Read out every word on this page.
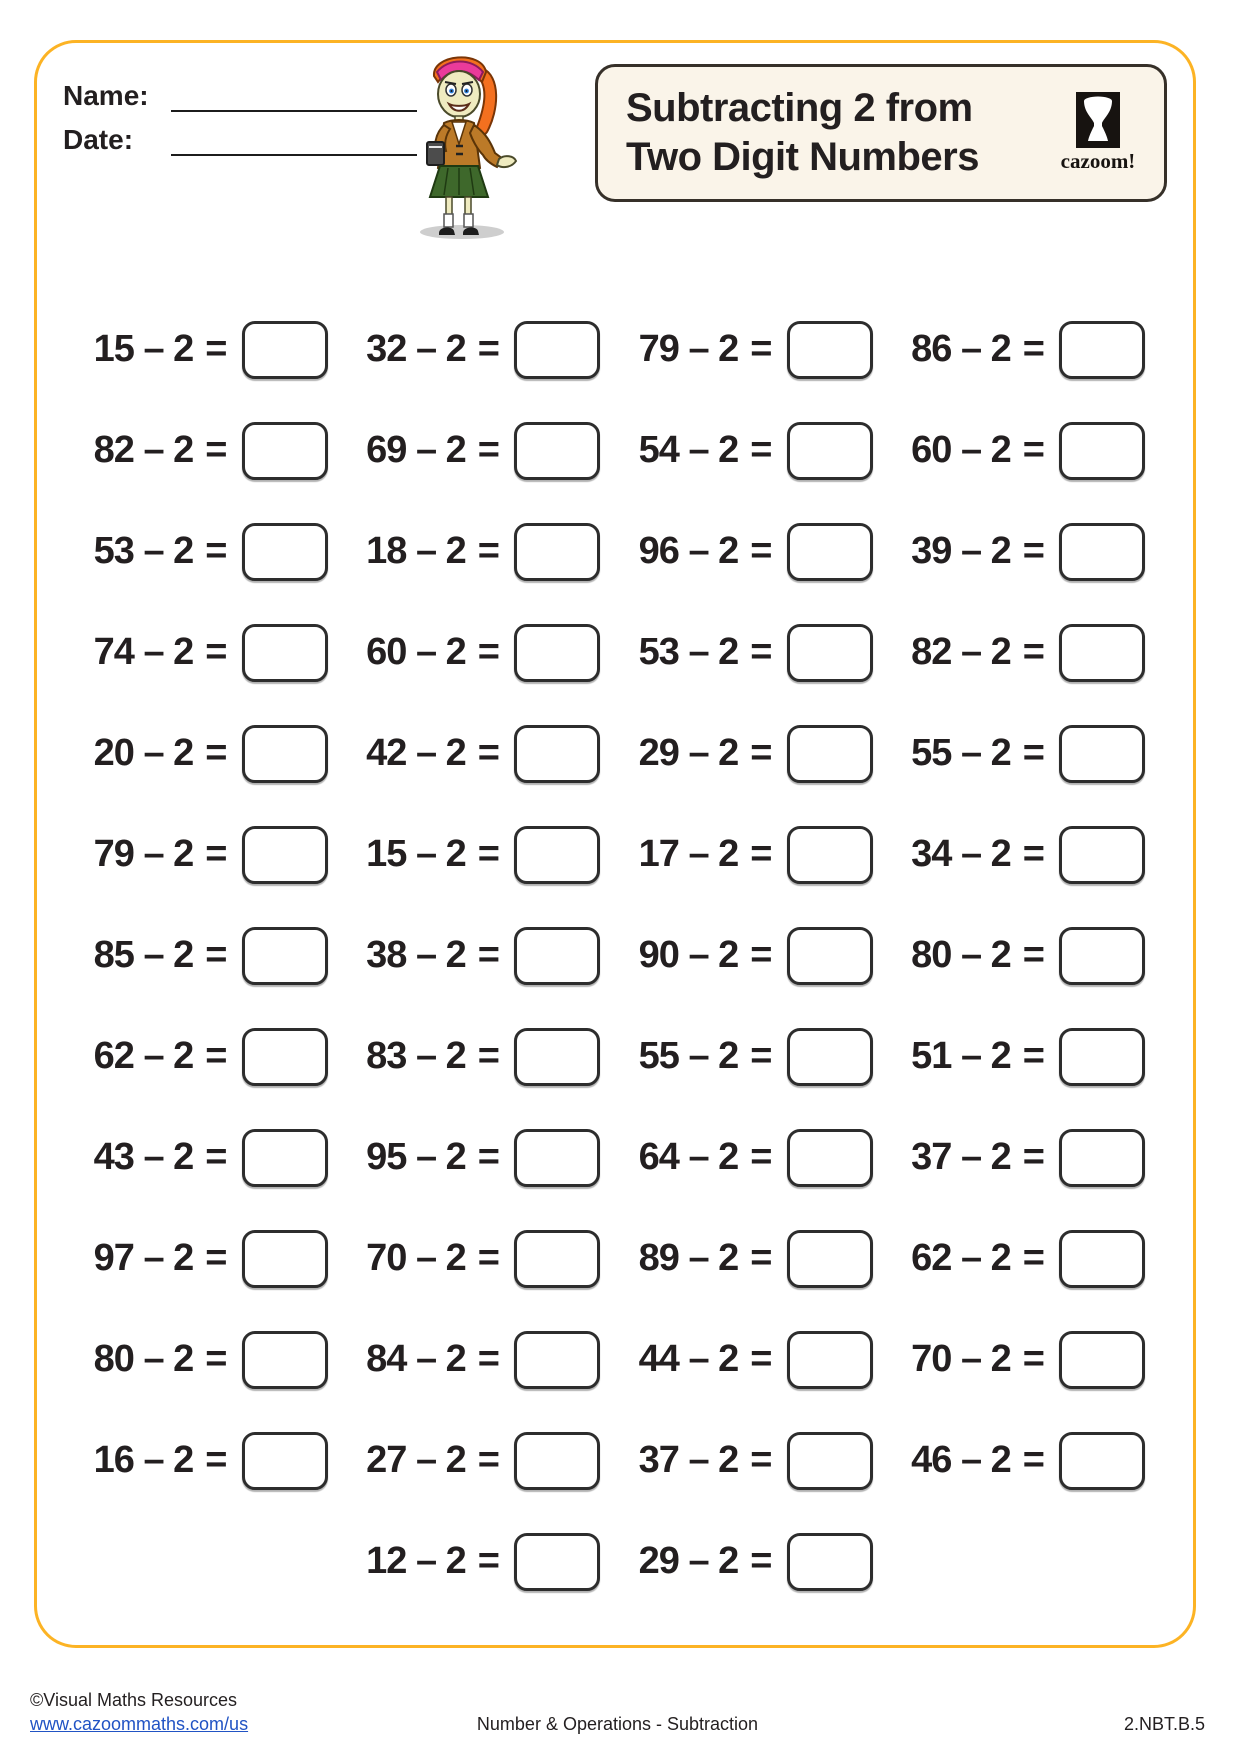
Name:
Date:
Subtracting 2 from
Two Digit Numbers	cazoom!
15 – 2 =	32 – 2 =	79 – 2 =	86 – 2 =
82 – 2 =	69 – 2 =	54 – 2 =	60 – 2 =
53 – 2 =	18 – 2 =	96 – 2 =	39 – 2 =
74 – 2 =	60 – 2 =	53 – 2 =	82 – 2 =
20 – 2 =	42 – 2 =	29 – 2 =	55 – 2 =
79 – 2 =	15 – 2 =	17 – 2 =	34 – 2 =
85 – 2 =	38 – 2 =	90 – 2 =	80 – 2 =
62 – 2 =	83 – 2 =	55 – 2 =	51 – 2 =
43 – 2 =	95 – 2 =	64 – 2 =	37 – 2 =
97 – 2 =	70 – 2 =	89 – 2 =	62 – 2 =
80 – 2 =	84 – 2 =	44 – 2 =	70 – 2 =
16 – 2 =	27 – 2 =	37 – 2 =	46 – 2 =
12 – 2 =	29 – 2 =
©Visual Maths Resources
www.cazoommaths.com/us	Number & Operations - Subtraction	2.NBT.B.5
